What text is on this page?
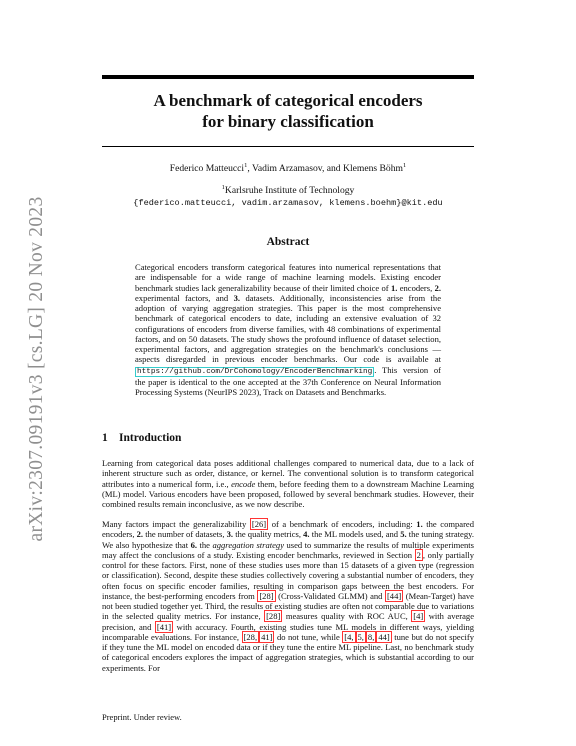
arXiv:2307.09191v3 [cs.LG] 20 Nov 2023
A benchmark of categorical encoders
for binary classification
Federico Matteucci$^1$, Vadim Arzamasov, and Klemens Böhm$^1$
$^1$Karlsruhe Institute of Technology
{federico.matteucci, vadim.arzamasov, klemens.boehm}@kit.edu
Abstract

Categorical encoders transform categorical features into numerical representations that are indispensable for a wide range of machine learning models. Existing encoder benchmark studies lack generalizability because of their limited choice of 1. encoders, 2. experimental factors, and 3. datasets. Additionally, inconsistencies arise from the adoption of varying aggregation strategies. This paper is the most comprehensive benchmark of categorical encoders to date, including an extensive evaluation of 32 configurations of encoders from diverse families, with 48 combinations of experimental factors, and on 50 datasets. The study shows the profound influence of dataset selection, experimental factors, and aggregation strategies on the benchmark's conclusions — aspects disregarded in previous encoder benchmarks. Our code is available at https://github.com/DrCohomology/EncoderBenchmarking . This version of the paper is identical to the one accepted at the 37th Conference on Neural Information Processing Systems (NeurIPS 2023), Track on Datasets and Benchmarks.

1 Introduction

Learning from categorical data poses additional challenges compared to numerical data, due to a lack of inherent structure such as order, distance, or kernel. The conventional solution is to transform categorical attributes into a numerical form, i.e., encode them, before feeding them to a downstream Machine Learning (ML) model. Various encoders have been proposed, followed by several benchmark studies. However, their combined results remain inconclusive, as we now describe.

Many factors impact the generalizability [26] of a benchmark of encoders, including: 1. the compared encoders, 2. the number of datasets, 3. the quality metrics, 4. the ML models used, and 5. the tuning strategy. We also hypothesize that 6. the aggregation strategy used to summarize the results of multiple experiments may affect the conclusions of a study. Existing encoder benchmarks, reviewed in Section 2 , only partially control for these factors. First, none of these studies uses more than 15 datasets of a given type (regression or classification). Second, despite these studies collectively covering a substantial number of encoders, they often focus on specific encoder families, resulting in comparison gaps between the best encoders. For instance, the best-performing encoders from [28] (Cross-Validated GLMM) and [44] (Mean-Target) have not been studied together yet. Third, the results of existing studies are often not comparable due to variations in the selected quality metrics. For instance, [28] measures quality with ROC AUC, [4] with average precision, and [41] with accuracy. Fourth, existing studies tune ML models in different ways, yielding incomparable evaluations. For instance, [28, 41] do not tune, while [4, 5, 8, 44] tune but do not specify if they tune the ML model on encoded data or if they tune the entire ML pipeline. Last, no benchmark study of categorical encoders explores the impact of aggregation strategies, which is substantial according to our experiments. For

Preprint. Under review.
